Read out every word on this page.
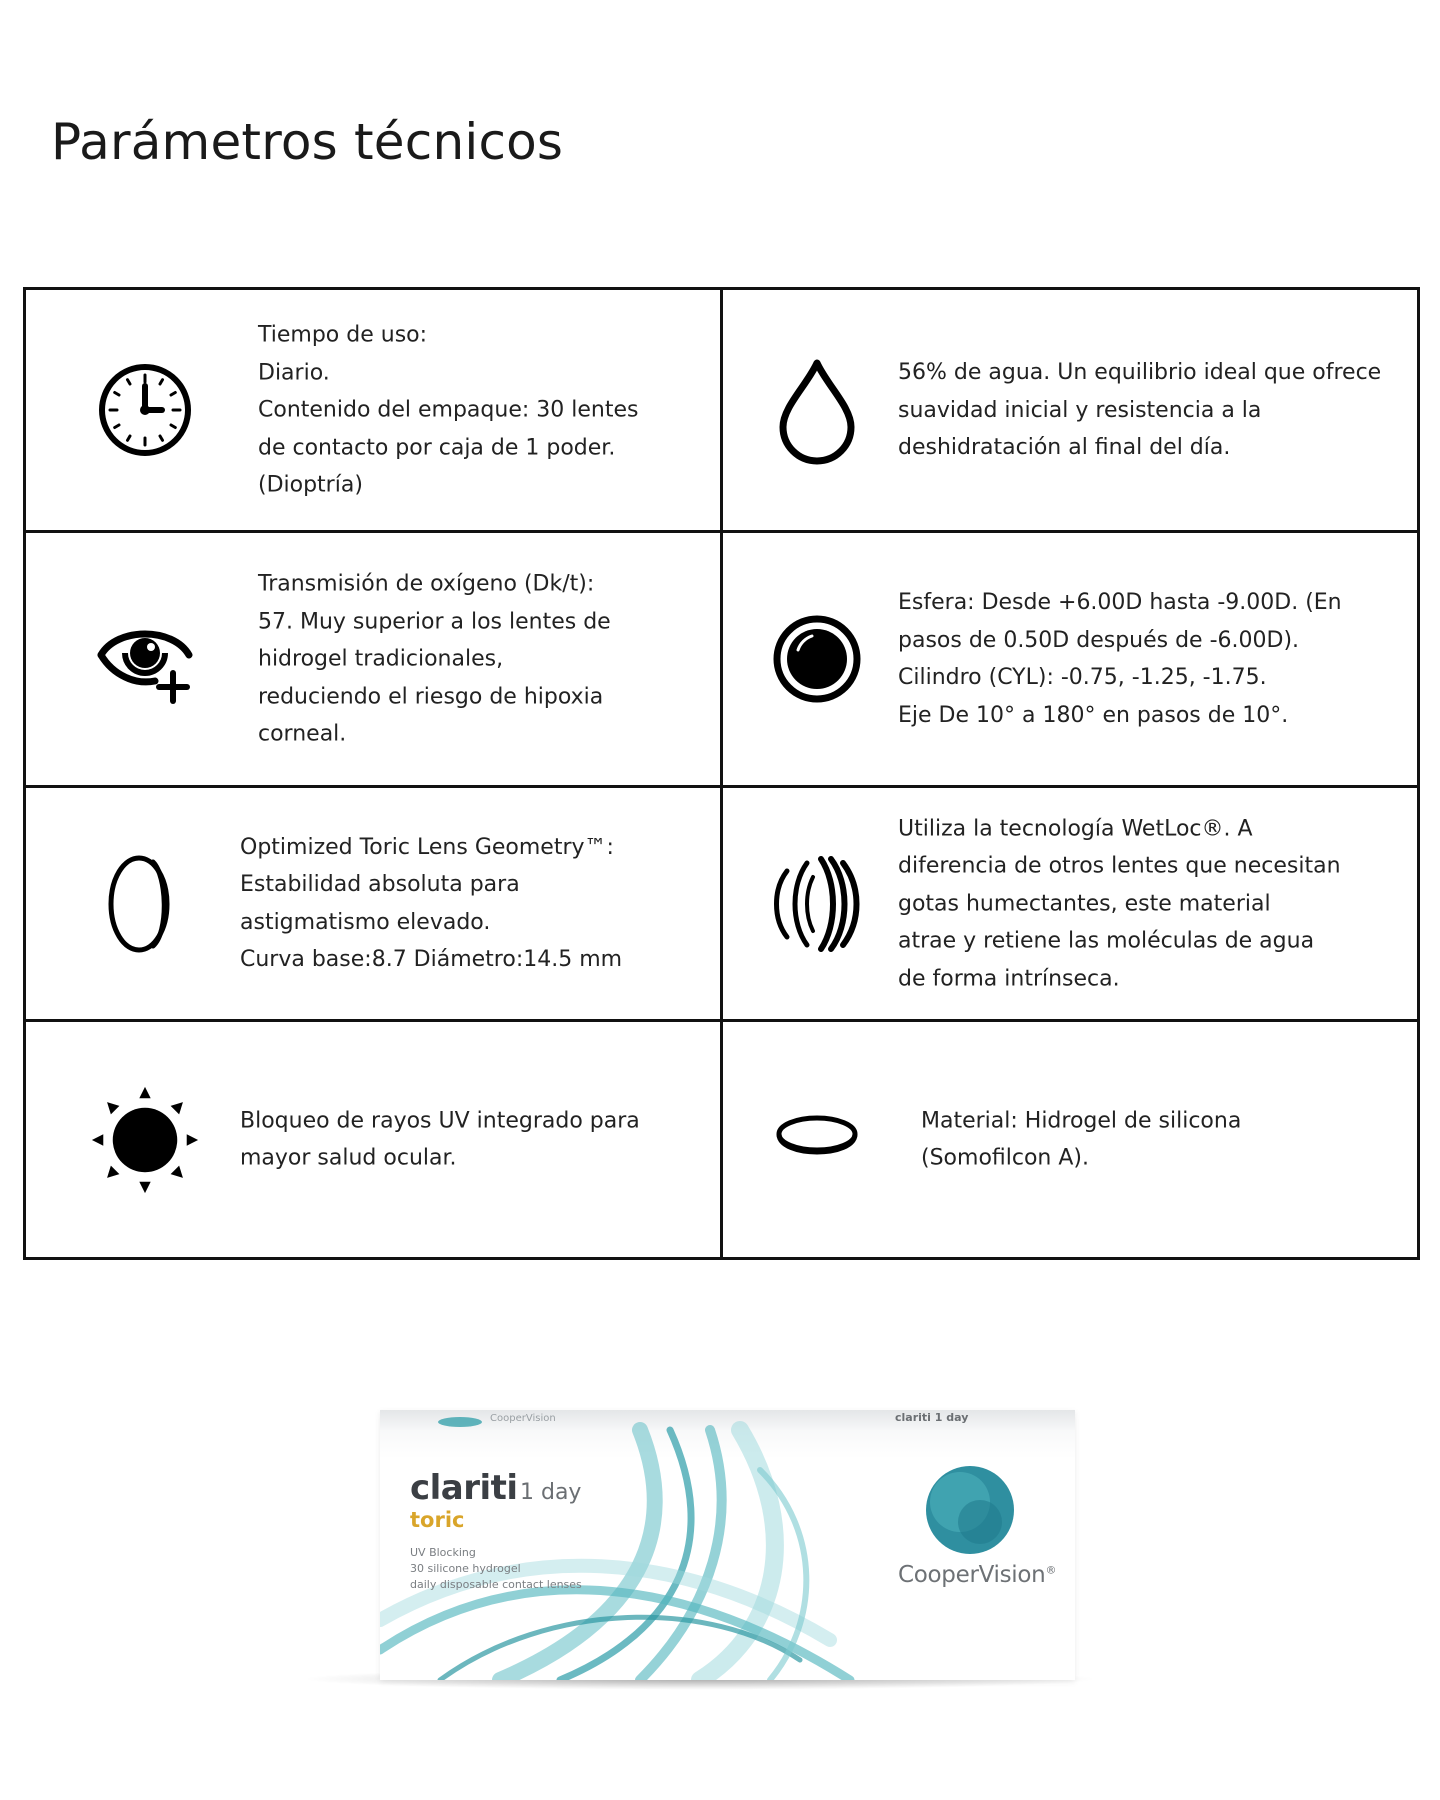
Parámetros técnicos

Tiempo de uso:
Diario.
Contenido del empaque: 30 lentes
de contacto por caja de 1 poder.
(Dioptría)

56% de agua. Un equilibrio ideal que ofrece
suavidad inicial y resistencia a la
deshidratación al final del día.

Transmisión de oxígeno (Dk/t):
57. Muy superior a los lentes de
hidrogel tradicionales,
reduciendo el riesgo de hipoxia
corneal.

Esfera: Desde +6.00D hasta -9.00D. (En
pasos de 0.50D después de -6.00D).
Cilindro (CYL): -0.75, -1.25, -1.75.
Eje De 10° a 180° en pasos de 10°.

Optimized Toric Lens Geometry™:
Estabilidad absoluta para
astigmatismo elevado.
Curva base:8.7 Diámetro:14.5 mm

Utiliza la tecnología WetLoc®. A
diferencia de otros lentes que necesitan
gotas humectantes, este material
atrae y retiene las moléculas de agua
de forma intrínseca.

Bloqueo de rayos UV integrado para
mayor salud ocular.

Material: Hidrogel de silicona
(Somofilcon A).

CooperVision	clariti 1 day
clariti 1 day
toric
UV Blocking
30 silicone hydrogel
daily disposable contact lenses	CooperVision®
